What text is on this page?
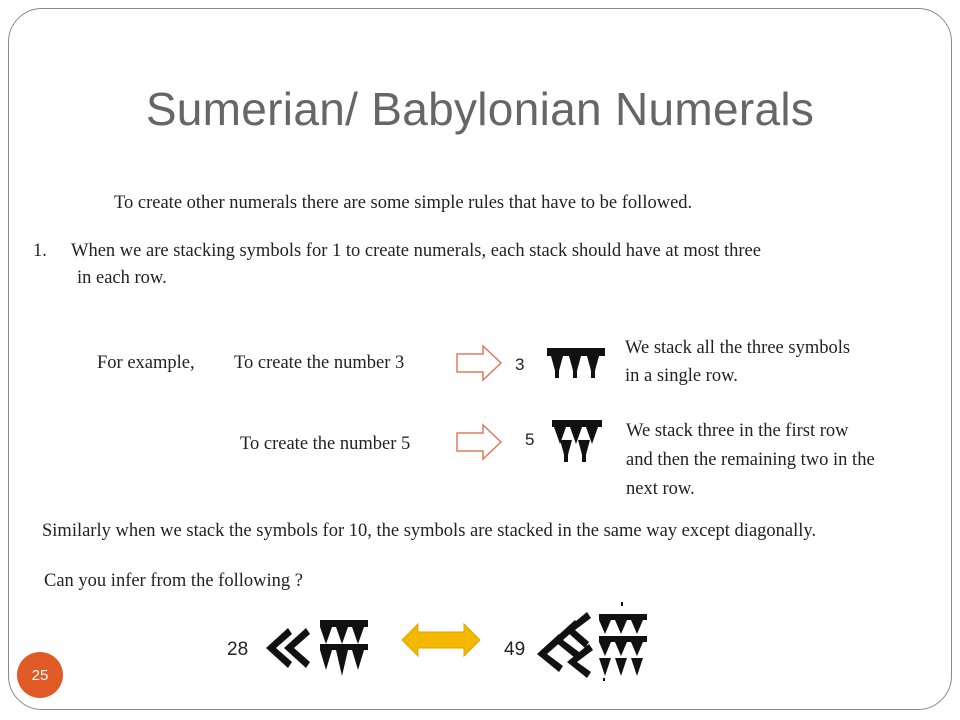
Sumerian/ Babylonian Numerals
To create other numerals there are some simple rules that have to be followed.
1. When we are stacking symbols for 1 to create numerals, each stack should have at most three
in each row.
For example, To create the number 3	3
We stack all the three symbols
in a single row.
To create the number 5	5	We stack three in the first row
and then the remaining two in the
next row.
Similarly when we stack the symbols for 10, the symbols are stacked in the same way except diagonally.
Can you infer from the following ?
28	49
25
